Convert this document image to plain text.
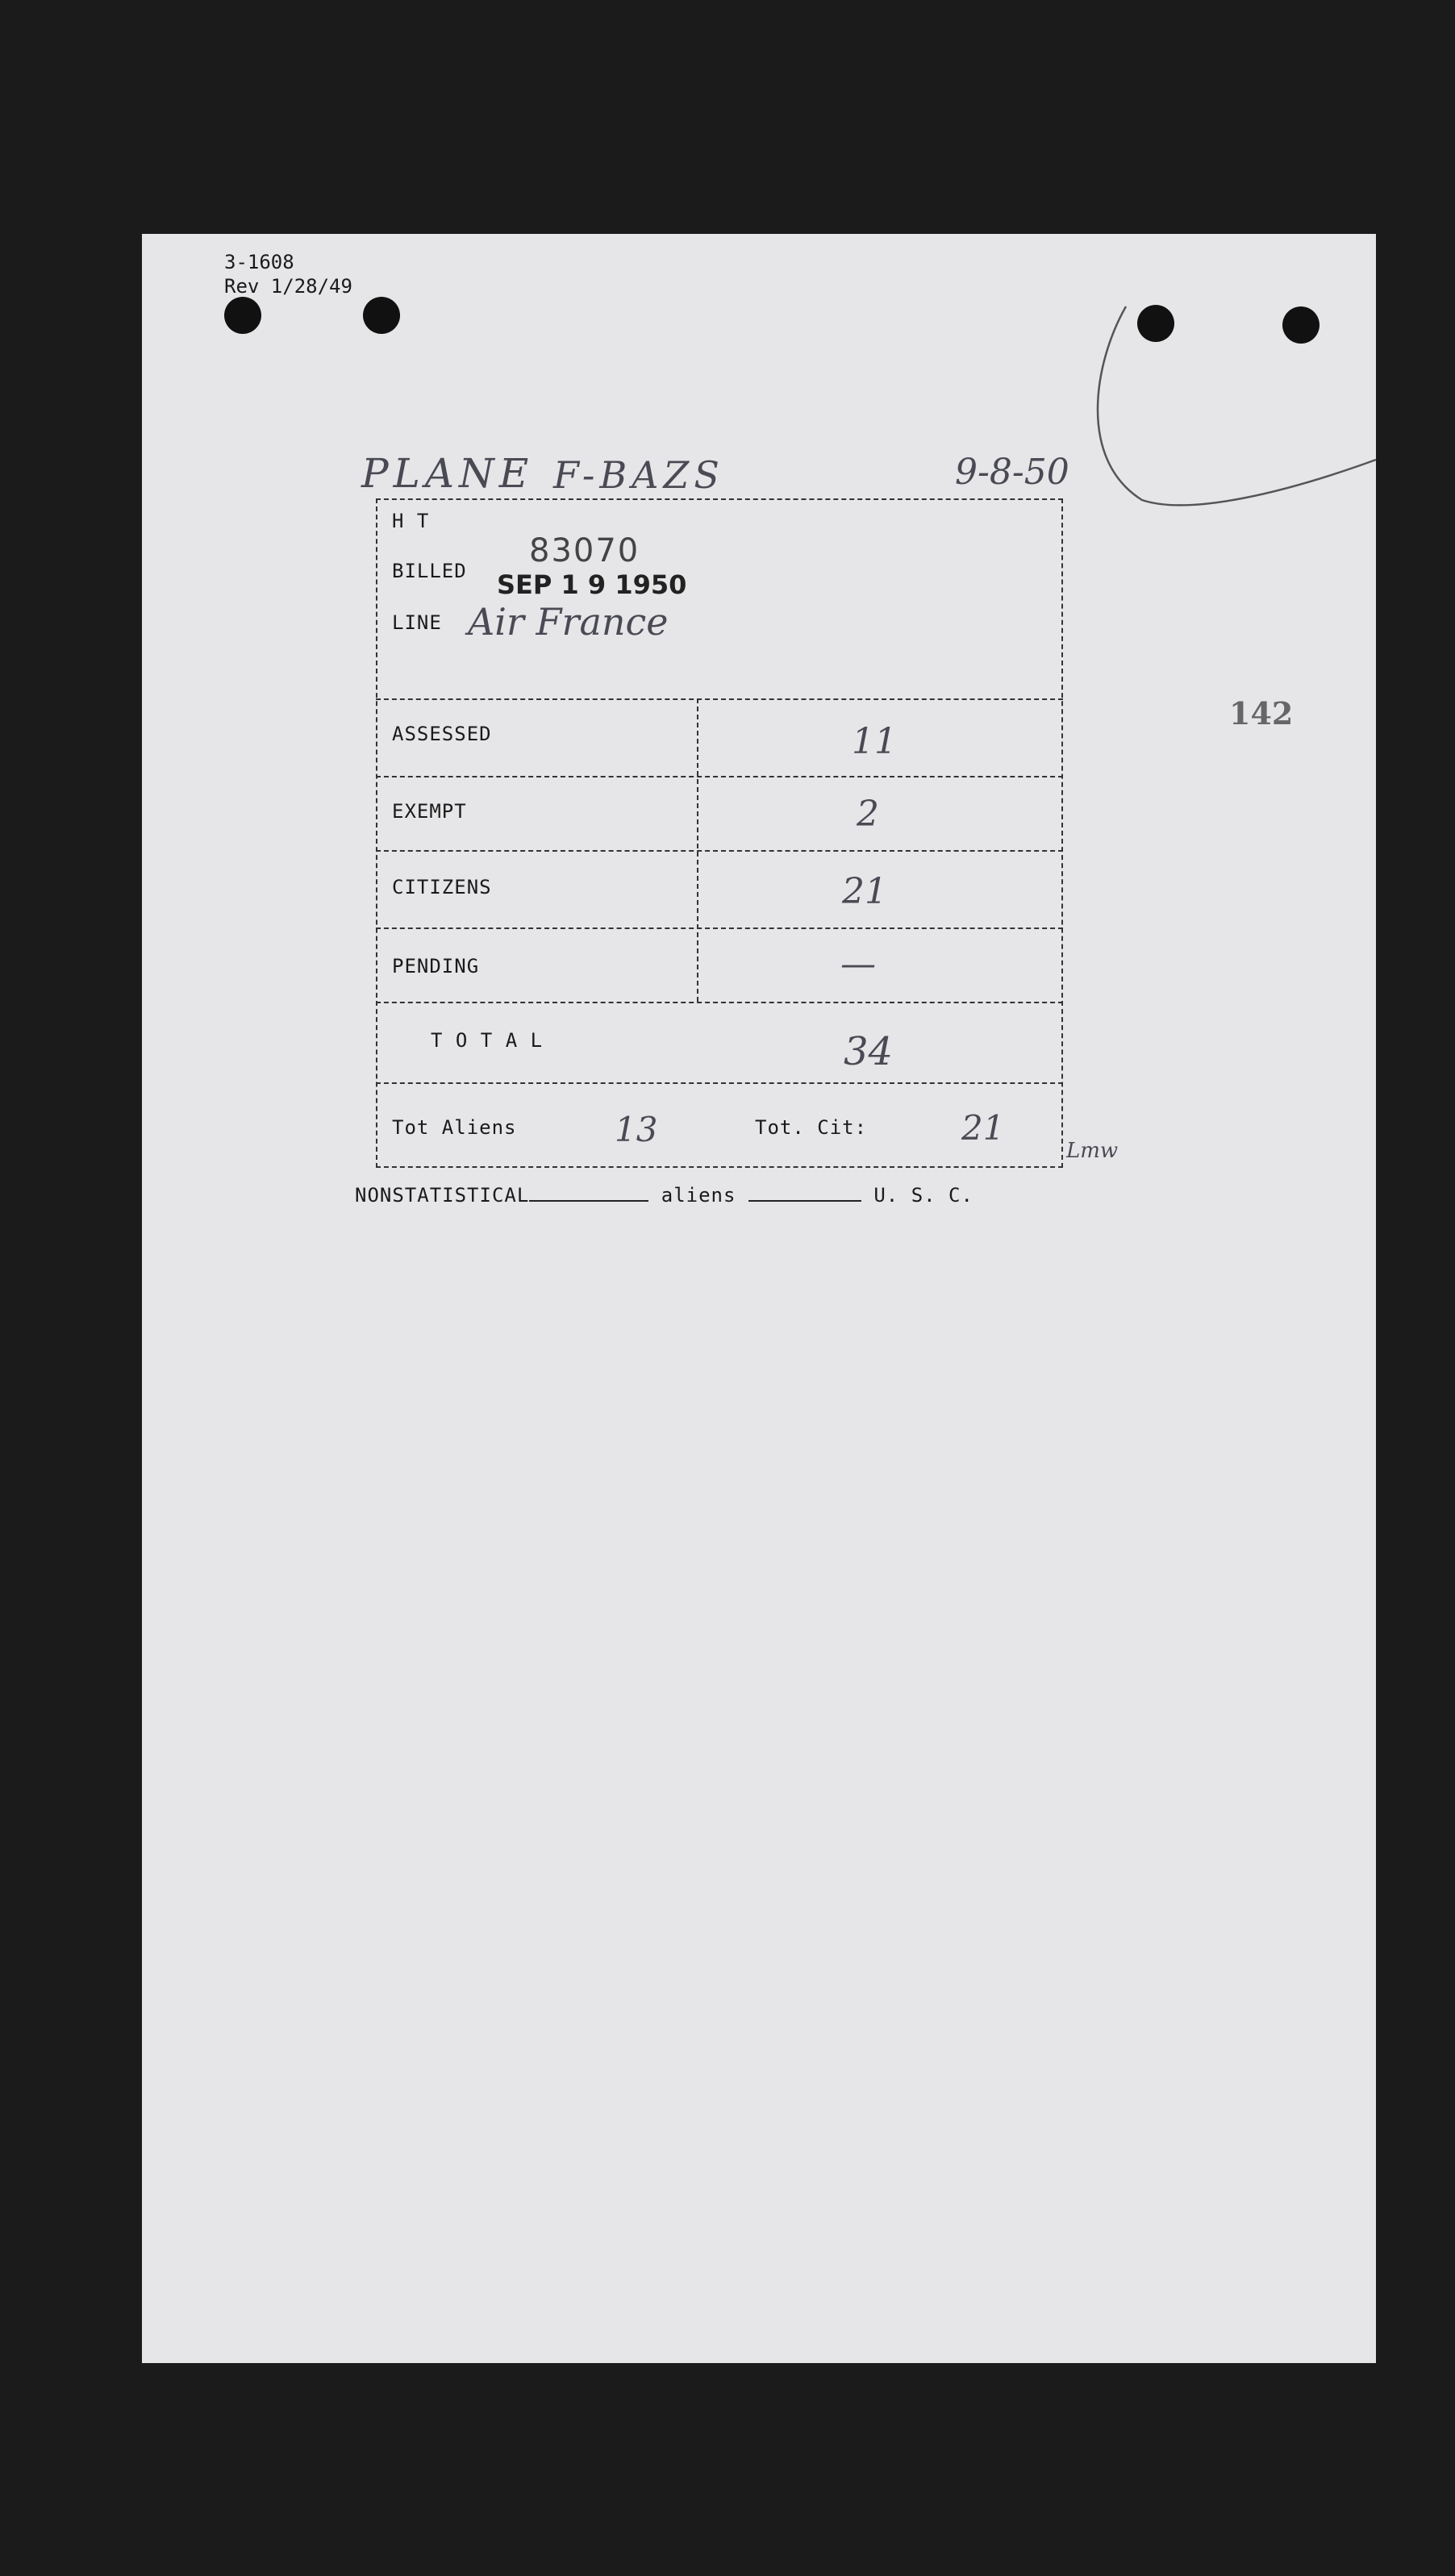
3-1608
Rev 1/28/49
PLANE F-BAZS	9-8-50
142
H T
BILLED
83070
SEP 1 9 1950
LINE Air France
ASSESSED	11
EXEMPT	2
CITIZENS	21
PENDING	—
T O T A L	34
Tot Aliens	13	Tot. Cit:	21
Lmw
NONSTATISTICAL	aliens	U. S. C.
